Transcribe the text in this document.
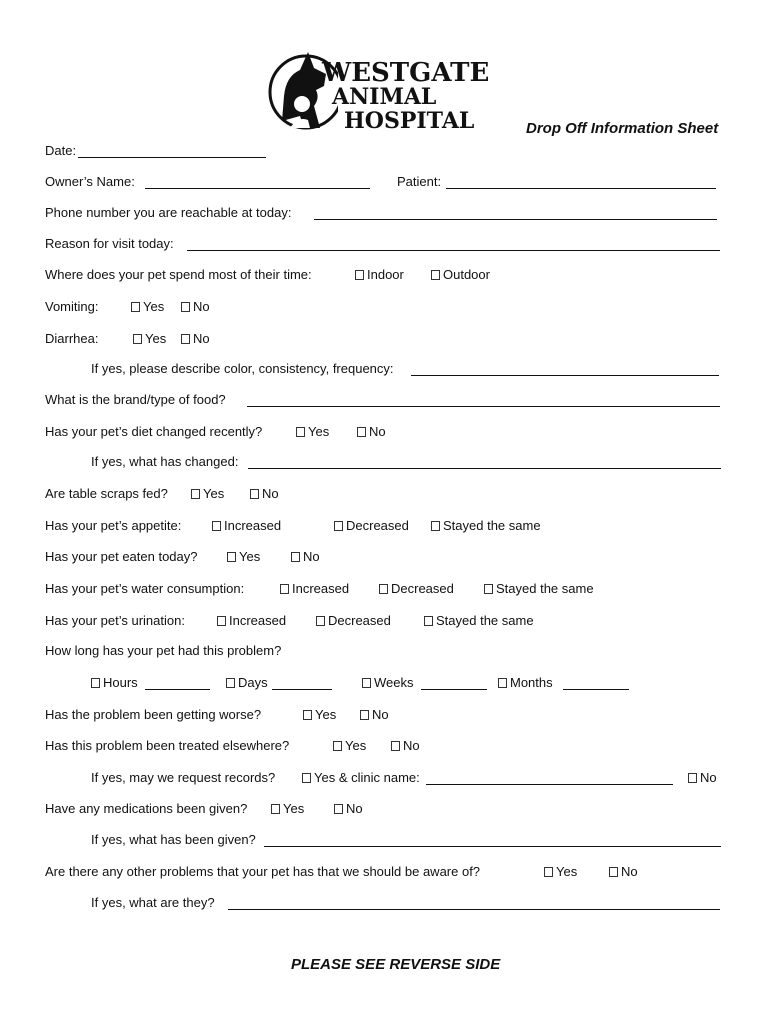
WESTGATE
ANIMAL
HOSPITAL	Drop Off Information Sheet
Date:
Owner’s Name:	Patient:
Phone number you are reachable at today:
Reason for visit today:
Where does your pet spend most of their time:	Indoor	Outdoor
Vomiting:	Yes	No
Diarrhea:	Yes	No
If yes, please describe color, consistency, frequency:
What is the brand/type of food?
Has your pet’s diet changed recently?	Yes	No
If yes, what has changed:
Are table scraps fed?	Yes	No
Has your pet’s appetite:	Increased	Decreased	Stayed the same
Has your pet eaten today?	Yes	No
Has your pet’s water consumption:	Increased	Decreased	Stayed the same
Has your pet’s urination:	Increased	Decreased	Stayed the same
How long has your pet had this problem?
Hours	Days	Weeks	Months
Has the problem been getting worse?	Yes	No
Has this problem been treated elsewhere?	Yes	No
If yes, may we request records?	Yes & clinic name:	No
Have any medications been given?	Yes	No
If yes, what has been given?
Are there any other problems that your pet has that we should be aware of?	Yes	No
If yes, what are they?
PLEASE SEE REVERSE SIDE
